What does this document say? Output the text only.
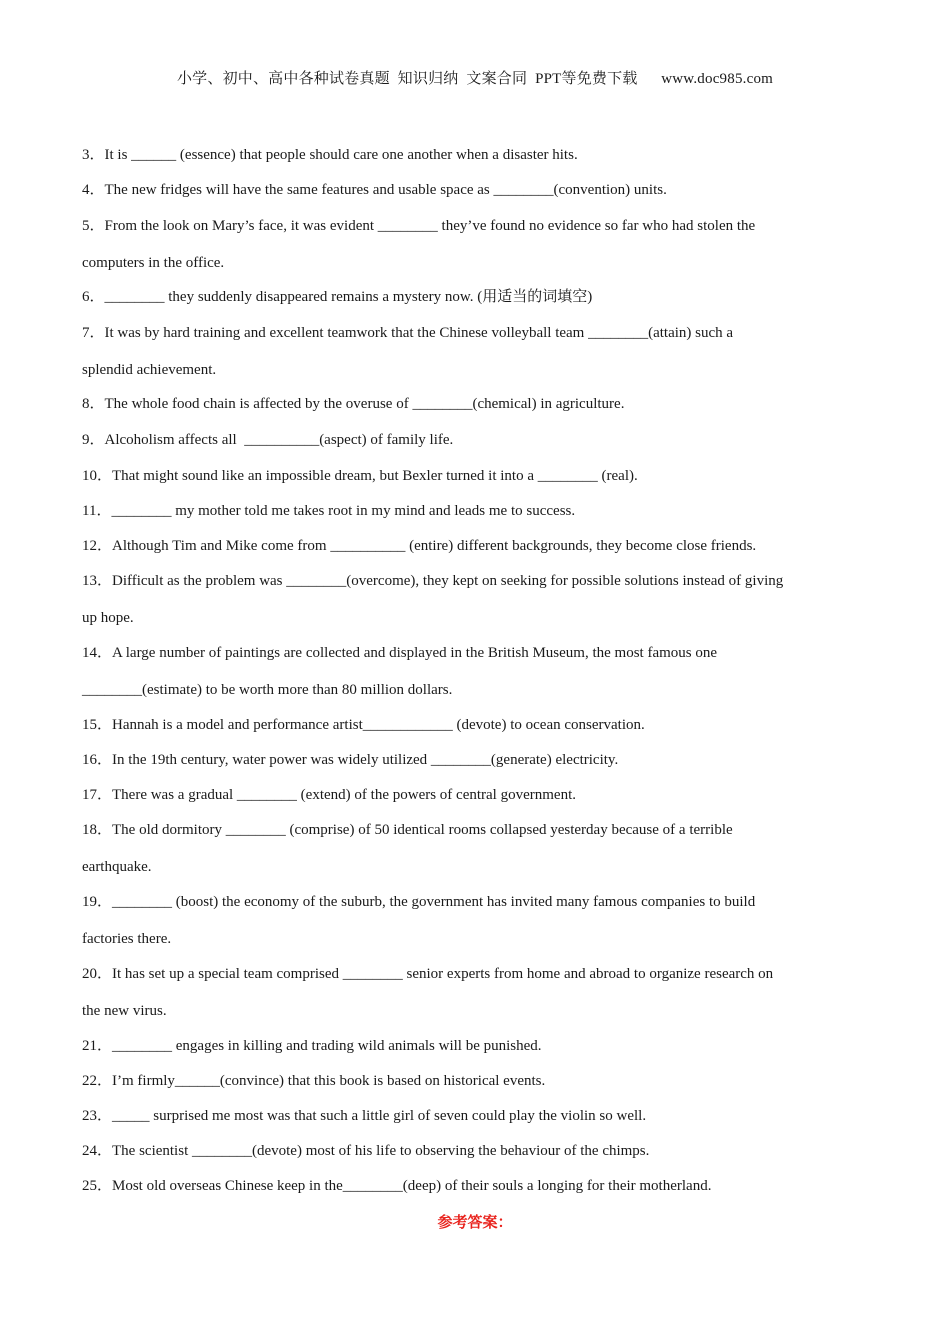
小学、初中、高中各种试卷真题  知识归纳  文案合同  PPT等免费下载      www.doc985.com
3．It is ______ (essence) that people should care one another when a disaster hits.
4．The new fridges will have the same features and usable space as ________(convention) units.
5．From the look on Mary’s face, it was evident ________ they’ve found no evidence so far who had stolen the
computers in the office.
6．________ they suddenly disappeared remains a mystery now. (用适当的词填空)
7．It was by hard training and excellent teamwork that the Chinese volleyball team ________(attain) such a
splendid achievement.
8．The whole food chain is affected by the overuse of ________(chemical) in agriculture.
9．Alcoholism affects all  __________(aspect) of family life.
10．That might sound like an impossible dream, but Bexler turned it into a ________ (real).
11．________ my mother told me takes root in my mind and leads me to success.
12．Although Tim and Mike come from __________ (entire) different backgrounds, they become close friends.
13．Difficult as the problem was ________(overcome), they kept on seeking for possible solutions instead of giving
up hope.
14．A large number of paintings are collected and displayed in the British Museum, the most famous one
________(estimate) to be worth more than 80 million dollars.
15．Hannah is a model and performance artist____________ (devote) to ocean conservation.
16．In the 19th century, water power was widely utilized ________(generate) electricity.
17．There was a gradual ________ (extend) of the powers of central government.
18．The old dormitory ________ (comprise) of 50 identical rooms collapsed yesterday because of a terrible
earthquake.
19．________ (boost) the economy of the suburb, the government has invited many famous companies to build
factories there.
20．It has set up a special team comprised ________ senior experts from home and abroad to organize research on
the new virus.
21．________ engages in killing and trading wild animals will be punished.
22．I’m firmly______(convince) that this book is based on historical events.
23．_____ surprised me most was that such a little girl of seven could play the violin so well.
24．The scientist ________(devote) most of his life to observing the behaviour of the chimps.
25．Most old overseas Chinese keep in the________(deep) of their souls a longing for their motherland.
参考答案：
